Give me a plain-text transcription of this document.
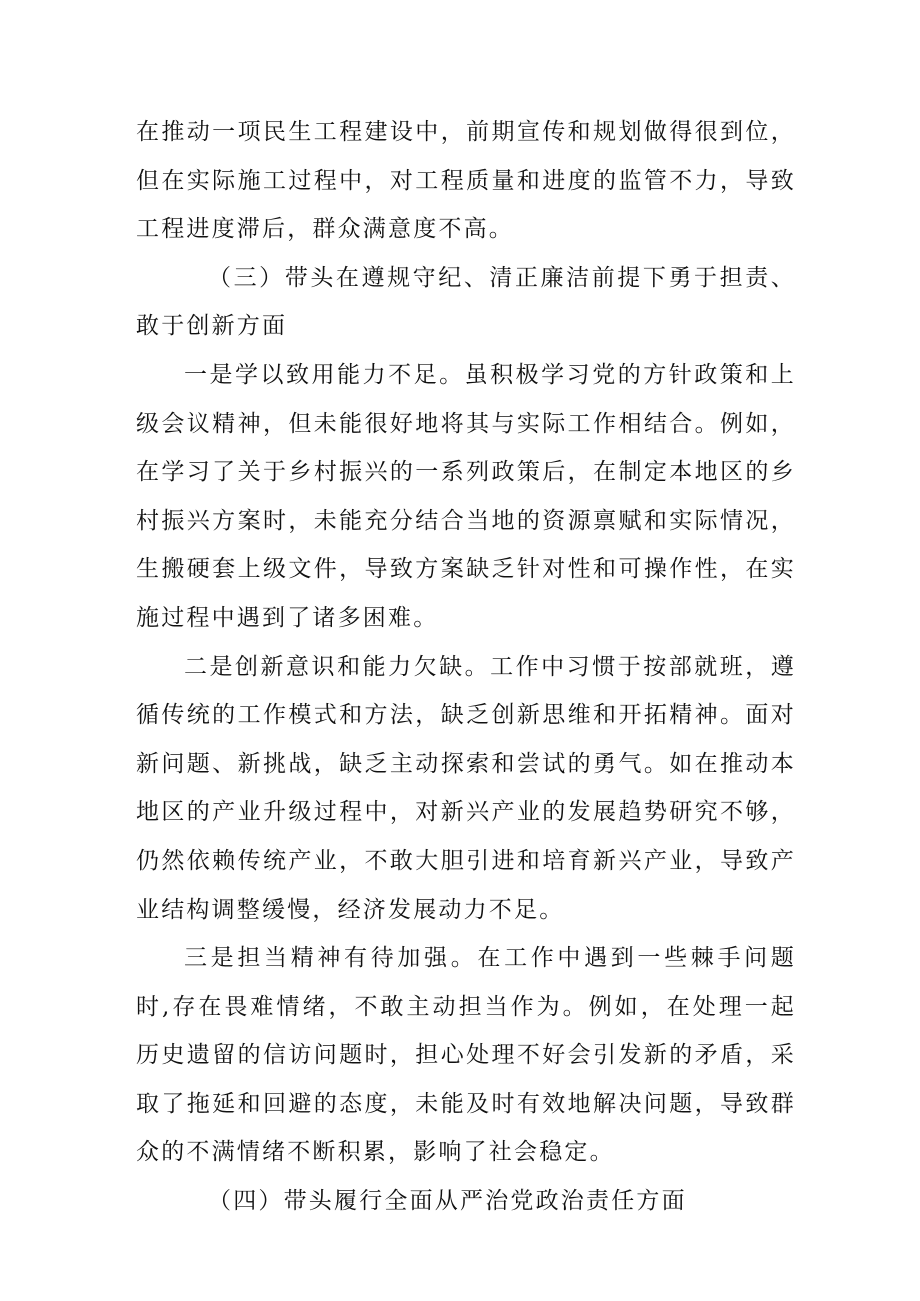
在推动一项民生工程建设中，前期宣传和规划做得很到位，但在实际施工过程中，对工程质量和进度的监管不力，导致工程进度滞后，群众满意度不高。

（三）带头在遵规守纪、清正廉洁前提下勇于担责、敢于创新方面

一是学以致用能力不足。虽积极学习党的方针政策和上级会议精神，但未能很好地将其与实际工作相结合。例如，在学习了关于乡村振兴的一系列政策后，在制定本地区的乡村振兴方案时，未能充分结合当地的资源禀赋和实际情况，生搬硬套上级文件，导致方案缺乏针对性和可操作性，在实施过程中遇到了诸多困难。

二是创新意识和能力欠缺。工作中习惯于按部就班，遵循传统的工作模式和方法，缺乏创新思维和开拓精神。面对新问题、新挑战，缺乏主动探索和尝试的勇气。如在推动本地区的产业升级过程中，对新兴产业的发展趋势研究不够，仍然依赖传统产业，不敢大胆引进和培育新兴产业，导致产业结构调整缓慢，经济发展动力不足。

三是担当精神有待加强。在工作中遇到一些棘手问题时,存在畏难情绪，不敢主动担当作为。例如，在处理一起历史遗留的信访问题时，担心处理不好会引发新的矛盾，采取了拖延和回避的态度，未能及时有效地解决问题，导致群众的不满情绪不断积累，影响了社会稳定。

（四）带头履行全面从严治党政治责任方面
